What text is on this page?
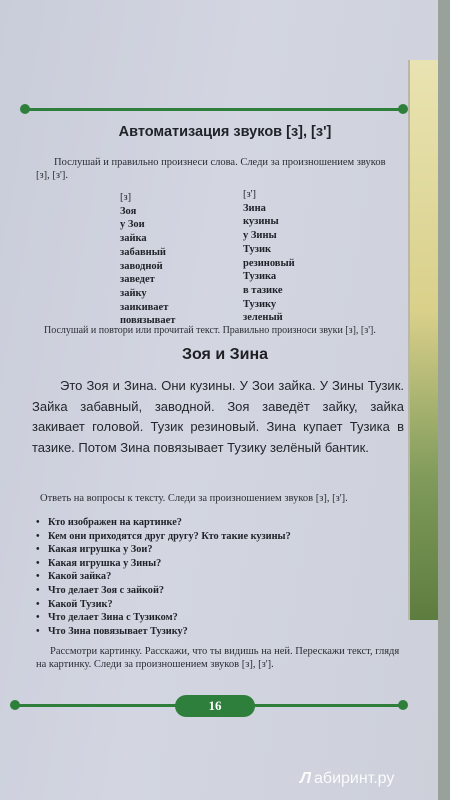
Автоматизация звуков [з], [з']
Послушай и правильно произнеси слова. Следи за произношением звуков [з], [з'].
[з]
Зоя
у Зои
зайка
забавный
заводной
заведет
зайку
заикивает
повязывает
[з']
Зина
кузины
у Зины
Тузик
резиновый
Тузика
в тазике
Тузику
зеленый
Послушай и повтори или прочитай текст. Правильно произноси звуки [з], [з'].
Зоя и Зина
Это Зоя и Зина. Они кузины. У Зои зайка. У Зины Тузик. Зайка забавный, заводной. Зоя заведёт зайку, зайка закивает головой. Тузик резиновый. Зина купает Тузика в тазике. Потом Зина повязывает Тузику зелёный бантик.
Ответь на вопросы к тексту. Следи за произношением звуков [з], [з'].
• Кто изображен на картинке?
• Кем они приходятся друг другу? Кто такие кузины?
• Какая игрушка у Зои?
• Какая игрушка у Зины?
• Какой зайка?
• Что делает Зоя с зайкой?
• Какой Тузик?
• Что делает Зина с Тузиком?
• Что Зина повязывает Тузику?
Рассмотри картинку. Расскажи, что ты видишь на ней. Перескажи текст, глядя на картинку. Следи за произношением звуков [з], [з'].
16
Л абиринт.ру
